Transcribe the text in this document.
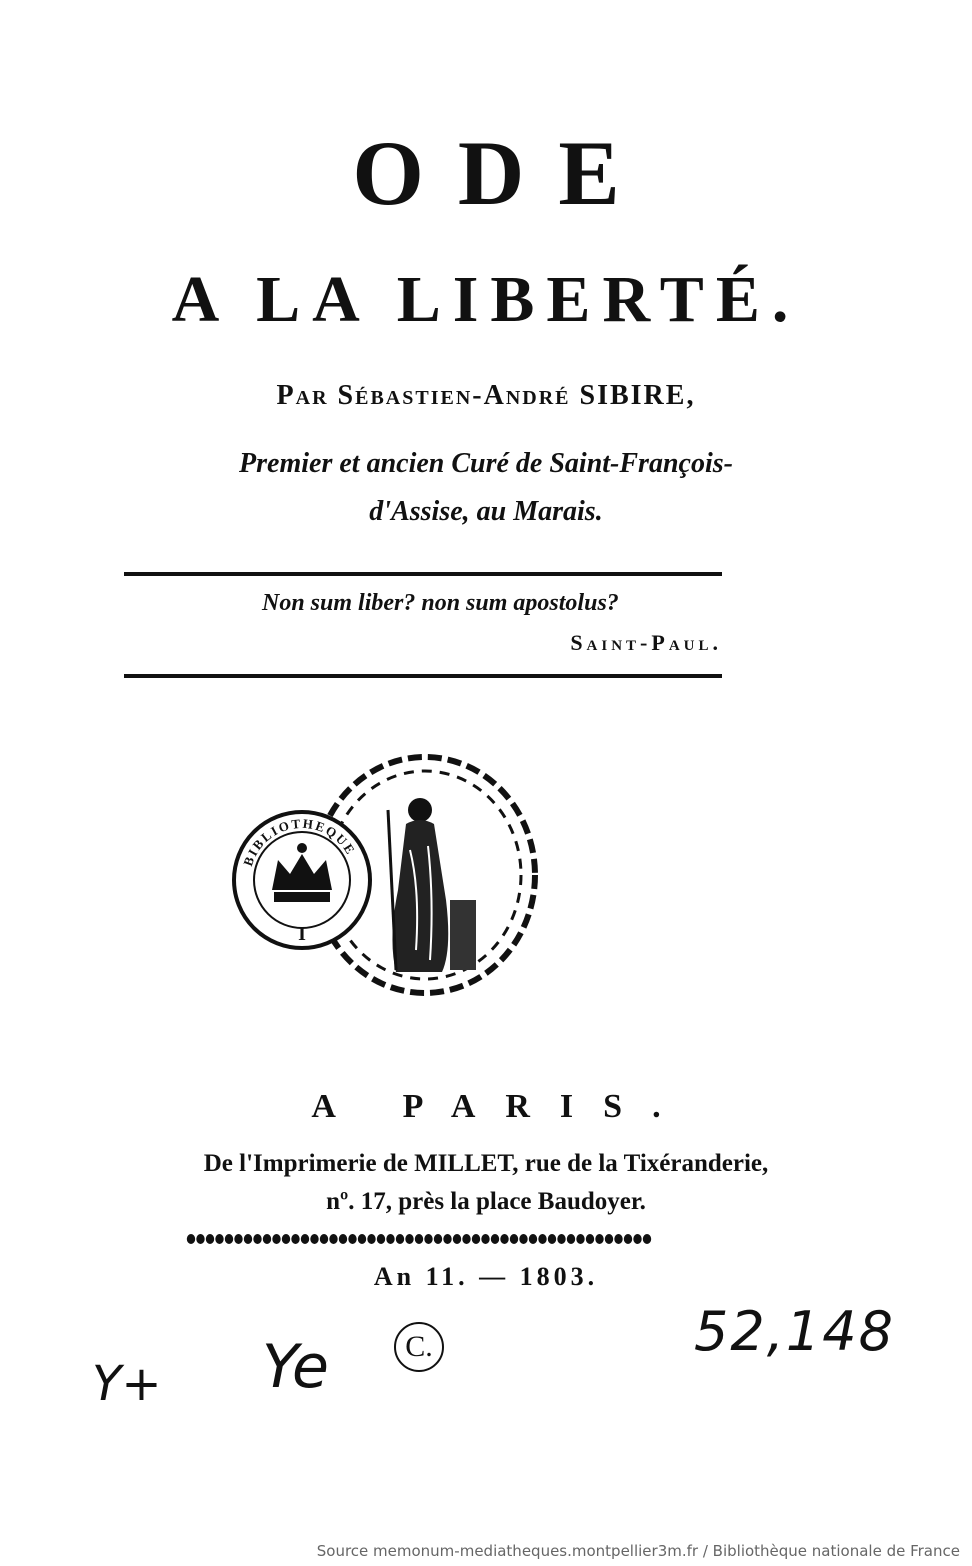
ODE
A LA LIBERTÉ.
Par Sébastien-André SIBIRE,
Premier et ancien Curé de Saint-François-
d'Assise, au Marais.
Non sum liber? non sum apostolus?
Saint-Paul.
I
BIBLIOTHEQUE
A PARIS.
De l'Imprimerie de MILLET, rue de la Tixéranderie,
nº. 17, près la place Baudoyer.
An 11. — 1803.
Y+ Ye	C.	52,148
Source memonum-mediatheques.montpellier3m.fr / Bibliothèque nationale de France
